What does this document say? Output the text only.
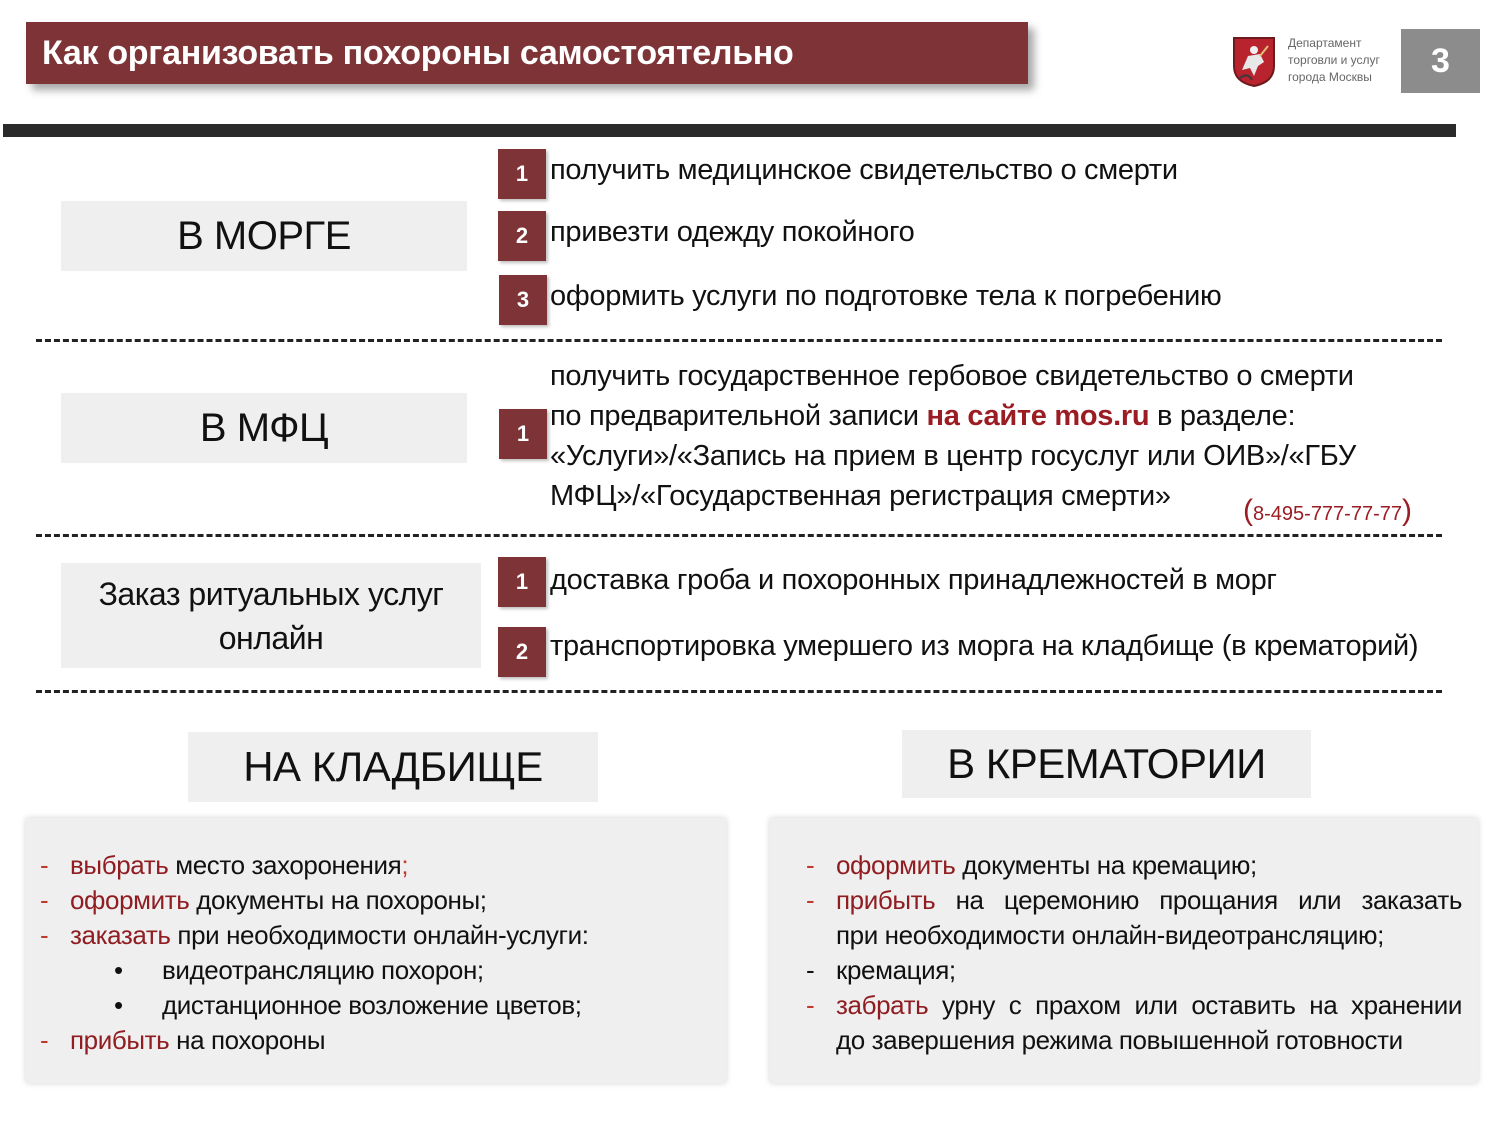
Как организовать похороны самостоятельно	Департамент
торговли и услуг
города Москвы	3
В МОРГЕ
1 получить медицинское свидетельство о смерти
2 привезти одежду покойного
3 оформить услуги по подготовке тела к погребению
В МФЦ	1
получить государственное гербовое свидетельство о смерти
по предварительной записи на сайте mos.ru в разделе:
«Услуги»/«Запись на прием в центр госуслуг или ОИВ»/«ГБУ
МФЦ»/«Государственная регистрация смерти»	(8-495-777-77-77)
Заказ ритуальных услуг
онлайн
1 доставка гроба и похоронных принадлежностей в морг
2 транспортировка умершего из морга на кладбище (в крематорий)
НА КЛАДБИЩЕ
- выбрать место захоронения;
- оформить документы на похороны;
- заказать при необходимости онлайн-услуги:
• видеотрансляцию похорон;
• дистанционное возложение цветов;
- прибыть на похороны
В КРЕМАТОРИИ
- оформить документы на кремацию;
- прибыть на церемонию прощания или заказать
при необходимости онлайн-видеотрансляцию;
- кремация;
- забрать урну с прахом или оставить на хранении
до завершения режима повышенной готовности
